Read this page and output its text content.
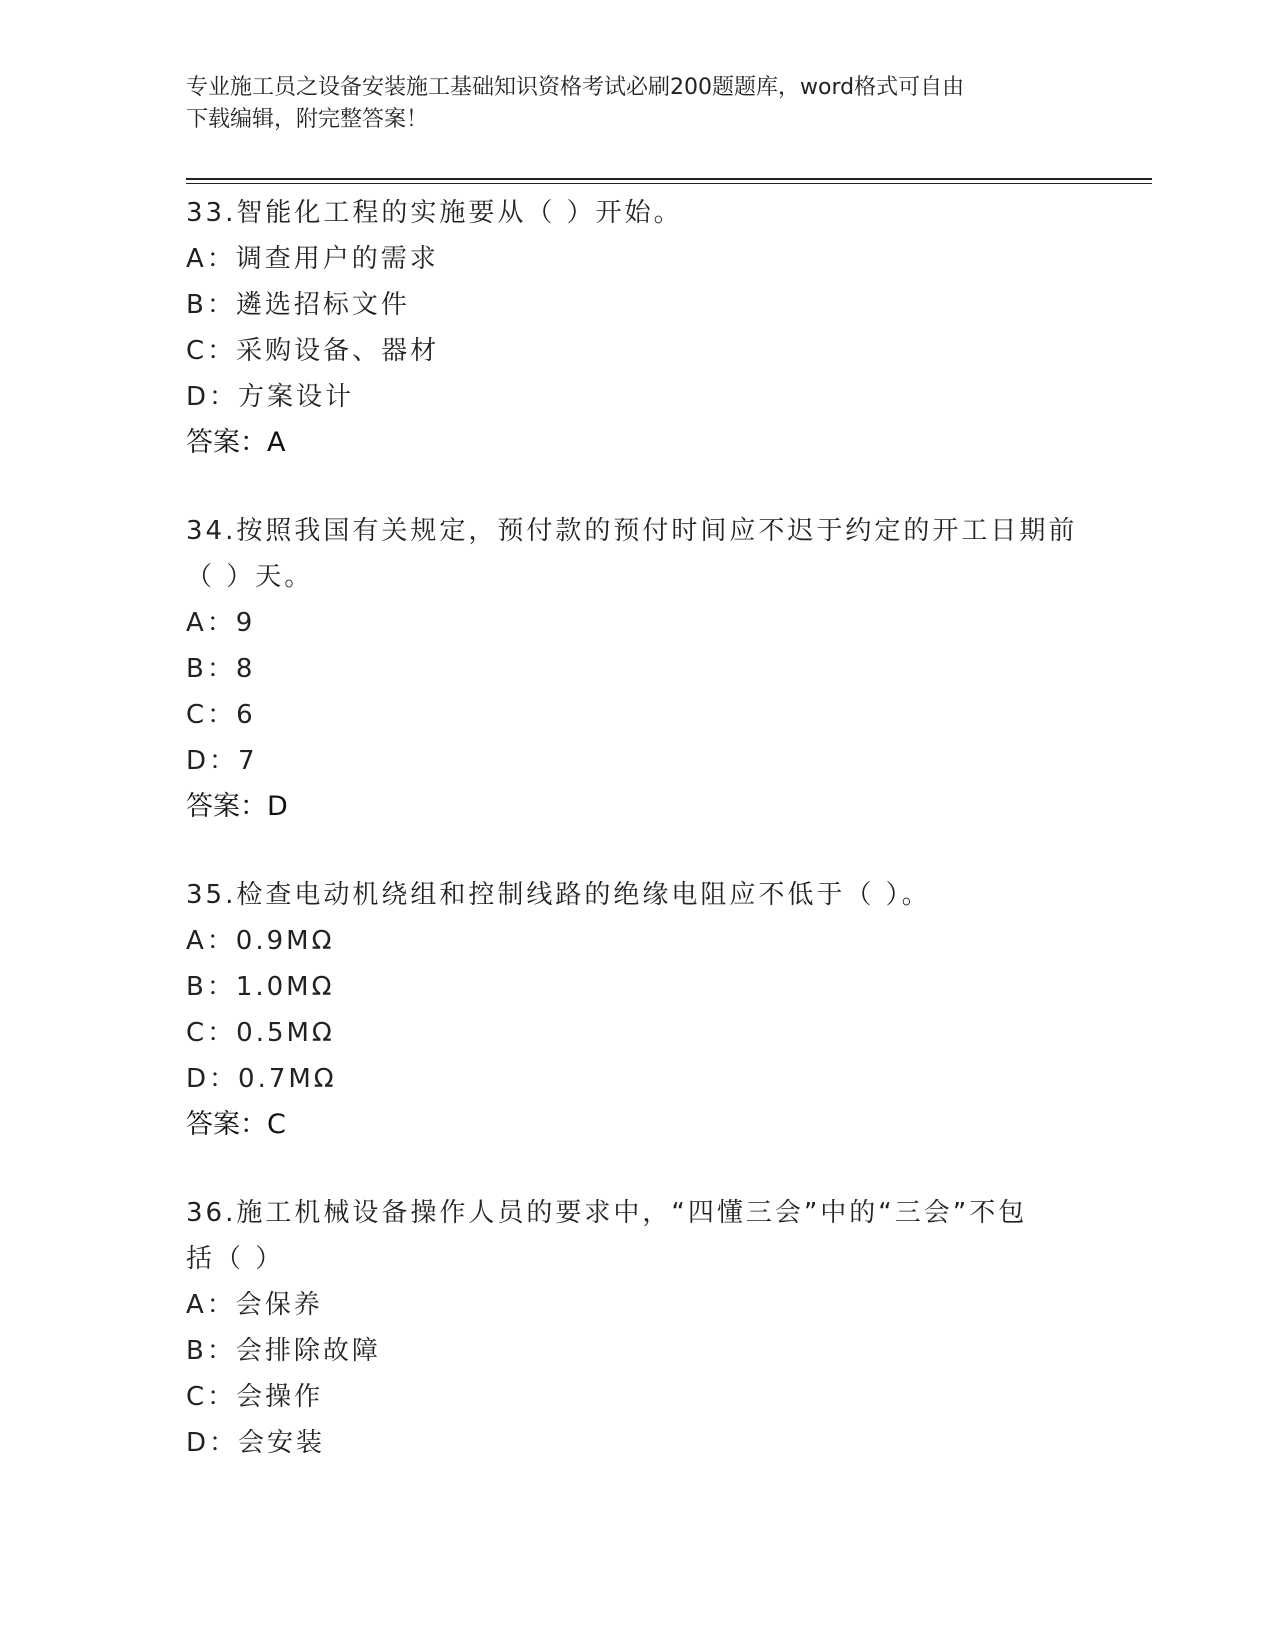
专业施工员之设备安装施工基础知识资格考试必刷200题题库，word格式可自由
下载编辑，附完整答案！
33.智能化工程的实施要从（ ）开始。
A：调查用户的需求
B：遴选招标文件
C：采购设备、器材
D：方案设计
答案：A
34.按照我国有关规定，预付款的预付时间应不迟于约定的开工日期前
（ ）天。
A：9
B：8
C：6
D：7
答案：D
35.检查电动机绕组和控制线路的绝缘电阻应不低于（ ）。
A：0.9MΩ
B：1.0MΩ
C：0.5MΩ
D：0.7MΩ
答案：C
36.施工机械设备操作人员的要求中，“四懂三会”中的“三会”不包
括（ ）
A：会保养
B：会排除故障
C：会操作
D：会安装
